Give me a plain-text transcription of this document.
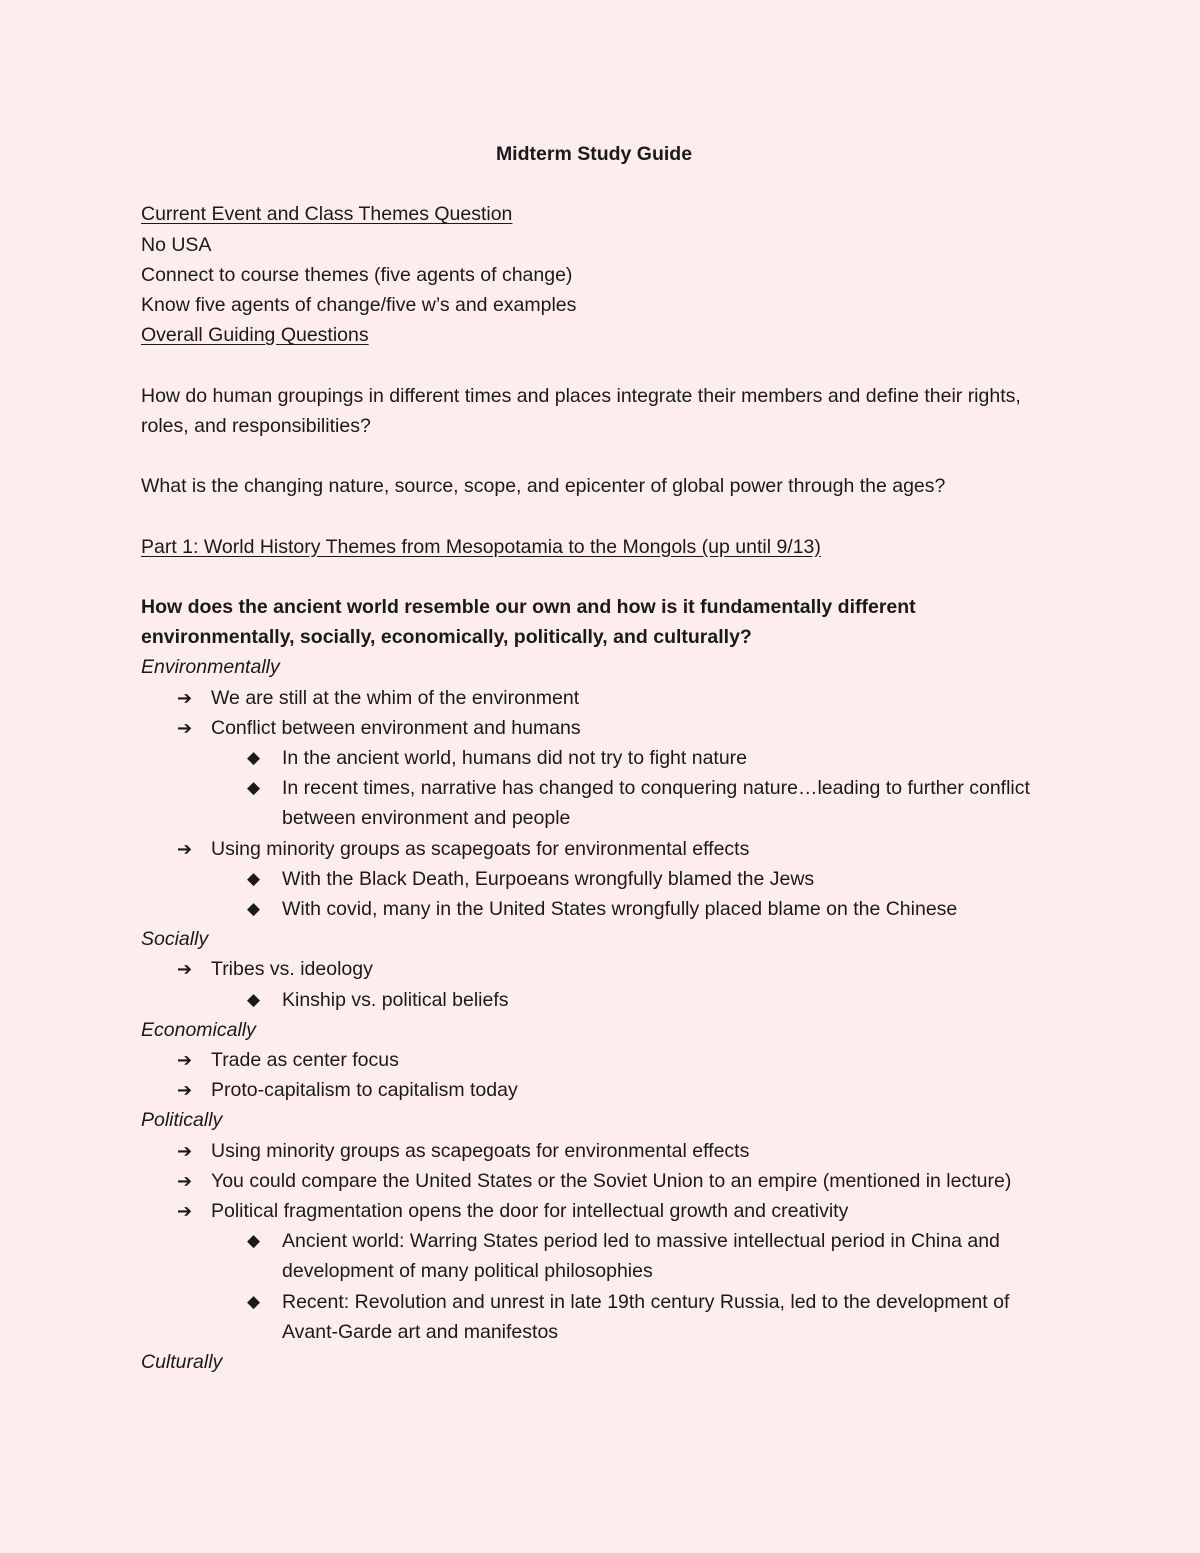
Midterm Study Guide
Current Event and Class Themes Question
No USA
Connect to course themes (five agents of change)
Know five agents of change/five w’s and examples
Overall Guiding Questions
How do human groupings in different times and places integrate their members and define their rights, roles, and responsibilities?
What is the changing nature, source, scope, and epicenter of global power through the ages?
Part 1: World History Themes from Mesopotamia to the Mongols (up until 9/13)
How does the ancient world resemble our own and how is it fundamentally different environmentally, socially, economically, politically, and culturally?
Environmentally
➔ We are still at the whim of the environment
➔ Conflict between environment and humans
◆ In the ancient world, humans did not try to fight nature
◆ In recent times, narrative has changed to conquering nature…leading to further conflict between environment and people
➔ Using minority groups as scapegoats for environmental effects
◆ With the Black Death, Eurpoeans wrongfully blamed the Jews
◆ With covid, many in the United States wrongfully placed blame on the Chinese
Socially
➔ Tribes vs. ideology
◆ Kinship vs. political beliefs
Economically
➔ Trade as center focus
➔ Proto-capitalism to capitalism today
Politically
➔ Using minority groups as scapegoats for environmental effects
➔ You could compare the United States or the Soviet Union to an empire (mentioned in lecture)
➔ Political fragmentation opens the door for intellectual growth and creativity
◆ Ancient world: Warring States period led to massive intellectual period in China and development of many political philosophies
◆ Recent: Revolution and unrest in late 19th century Russia, led to the development of Avant-Garde art and manifestos
Culturally
